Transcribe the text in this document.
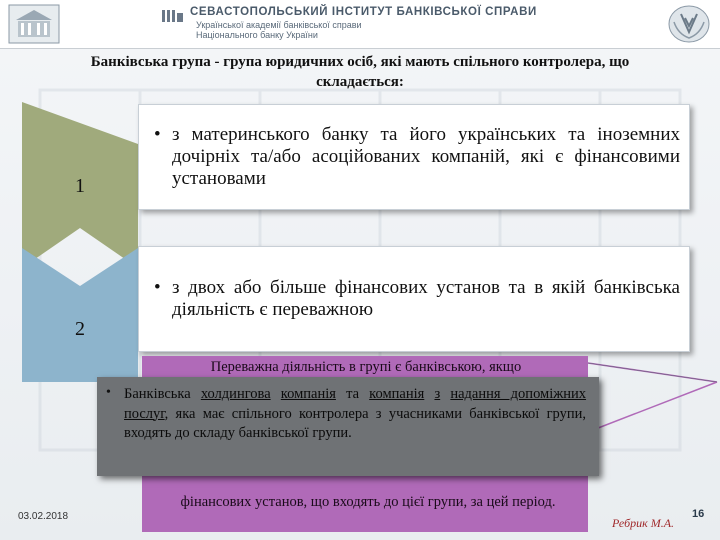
СЕВАСТОПОЛЬСЬКИЙ ІНСТИТУТ БАНКІВСЬКОЇ СПРАВИ
Української академії банківської справи
Національного банку України
Банківська група - група юридичних осіб, які мають спільного контролера, що складається:
1
2
• з материнського банку та його українських та іноземних дочірніх та/або асоційованих компаній, які є фінансовими установами
• з двох або більше фінансових установ та в якій банківська діяльність є переважною
Переважна діяльність в групі є банківською, якщо
фінансових установ, що входять до цієї групи, за цей період.
• Банківська холдингова компанія та компанія з надання допоміжних послуг, яка має спільного контролера з учасниками банківської групи, входять до складу банківської групи.
03.02.2018	Ребрик М.А.
16
